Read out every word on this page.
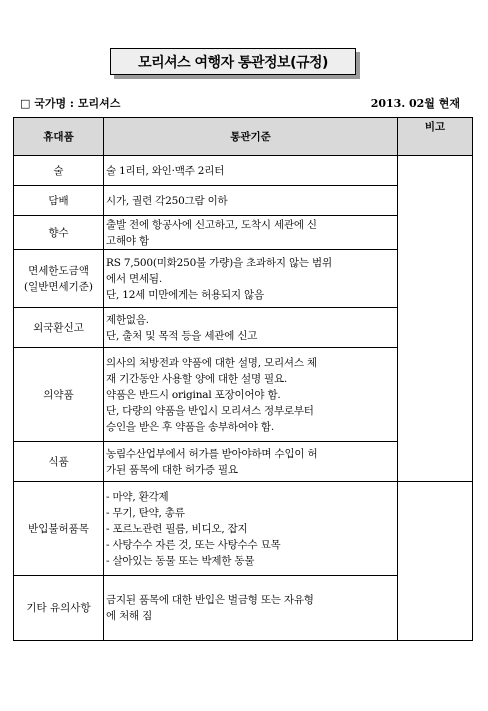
모리셔스 여행자 통관정보(규정)
□ 국가명 : 모리셔스	2013. 02월 현재
휴대품	통관기준	비고

술	술 1리터, 와인·맥주 2리터	

담배	시가, 궐련 각250그람 이하	

향수	출발 전에 항공사에 신고하고, 도착시 세관에 신
고해야 함	

면세한도금액
(일반면세기준)	RS 7,500(미화250불 가량)을 초과하지 않는 범위
에서 면세됨.
단, 12세 미만에게는 허용되지 않음	

외국환신고	제한없음.
단, 출처 및 목적 등을 세관에 신고	

의약품	의사의 처방전과 약품에 대한 설명, 모리셔스 체
재 기간동안 사용할 양에 대한 설명 필요.
약품은 반드시 original 포장이어야 함.
단, 다량의 약품을 반입시 모리셔스 정부로부터
승인을 받은 후 약품을 송부하여야 함.	

식품	농림수산업부에서 허가를 받아야하며 수입이 허
가된 품목에 대한 허가증 필요	

반입불허품목	- 마약, 환각제
- 무기, 탄약, 총류
- 포르노관련 필름, 비디오, 잡지
- 사탕수수 자른 것, 또는 사탕수수 묘목
- 살아있는 동물 또는 박제한 동물	

기타 유의사항	금지된 품목에 대한 반입은 벌금형 또는 자유형
에 처해 짐	
